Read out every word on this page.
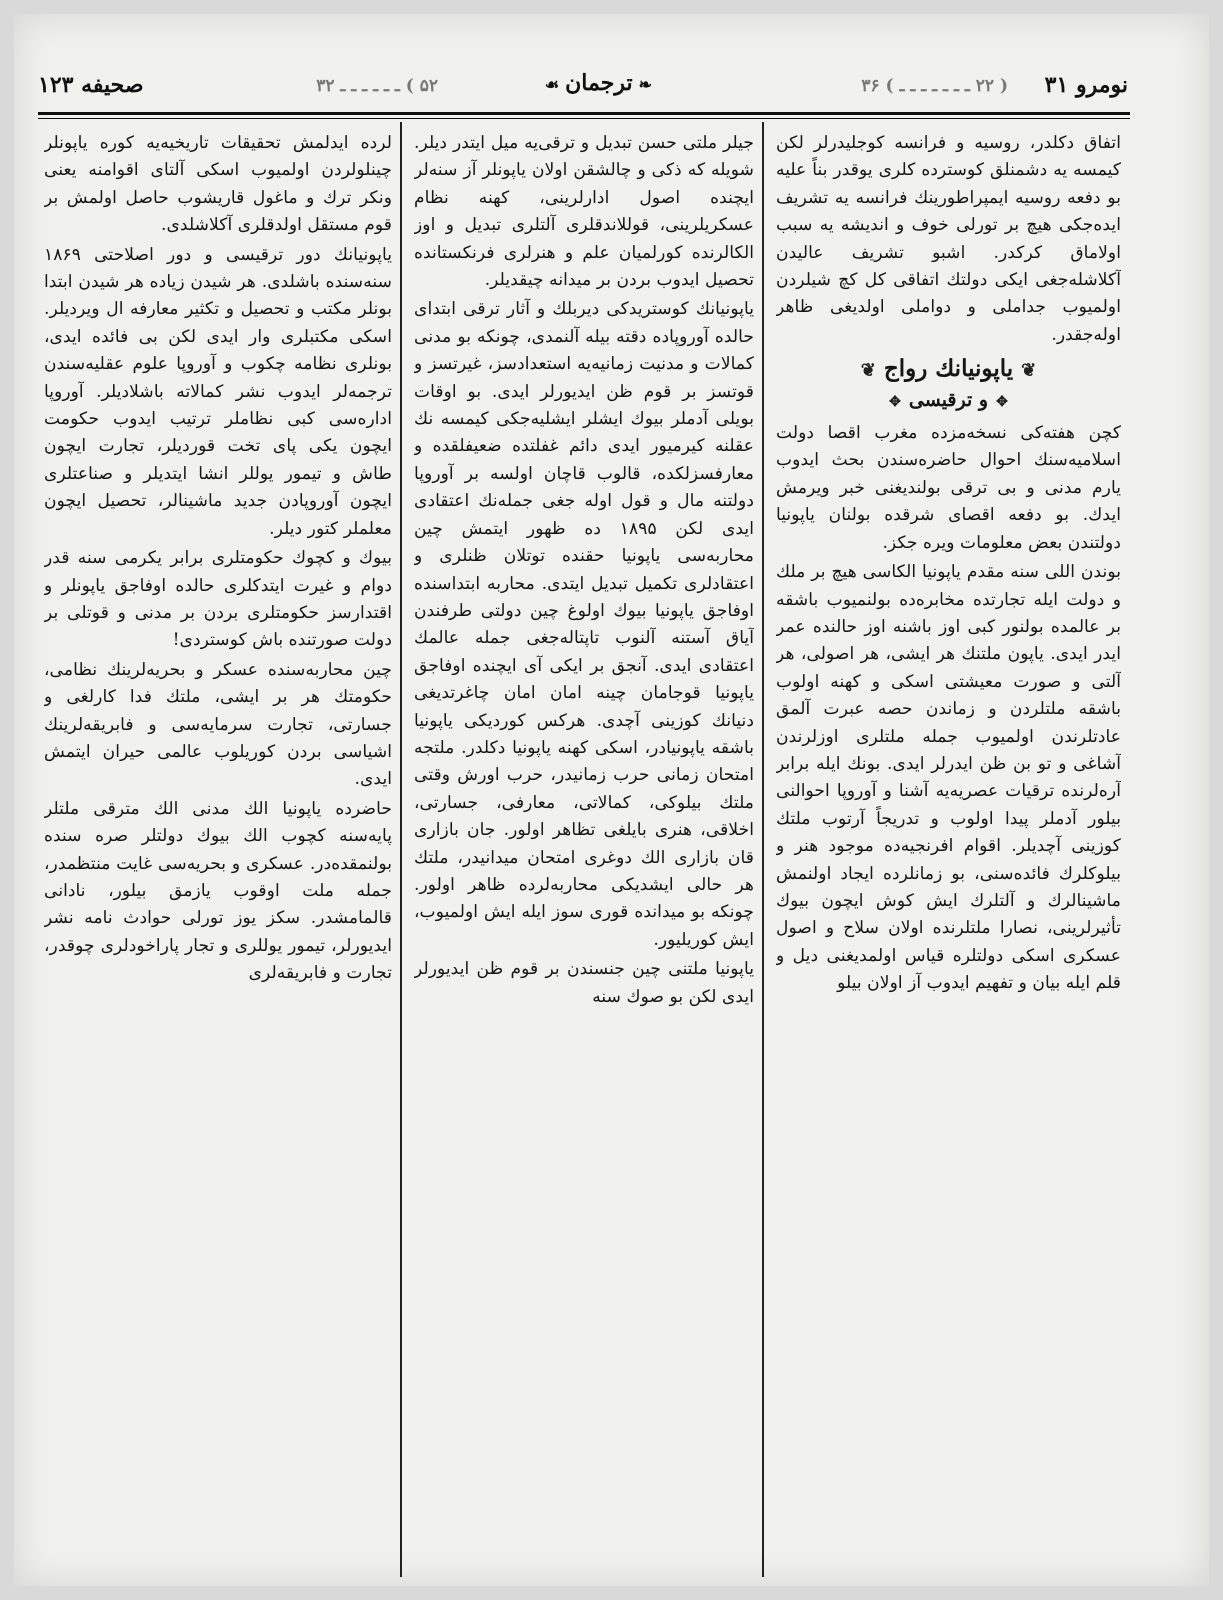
نومرو ۳۱
( ۲۲ ـ ـ ـ ـ ـ ـ ـ ) ۳۶
❧ترجمان☙
۵۲ ) ـ ـ ـ ـ ـ ـ ۳۲
صحيفه ۱۲۳

اتفاق دكلدر، روسيه و فرانسه كوجليدرلر لكن كيمسه يه دشمنلق كوسترده كلرى يوقدر بناً عليه بو دفعه روسيه ايمپراطورينك فرانسه يه تشريف ايده‌جكى هيچ بر تورلى خوف و انديشه يه سبب اولاماق كركدر. اشبو تشريف عاليدن آكلاشله‌جغى ايكى دولتك اتفاقى كل كچ شيلردن اولميوب جداملى و دواملى اولديغى ظاهر اوله‌جقدر.

❦ياپونيانك رواج❦
✥و ترقيسى✥

كچن هفته‌كى نسخه‌مزده مغرب اقصا دولت اسلاميه‌سنك احوال حاضره‌سندن بحث ايدوب يارم مدنى و بى ترقى بولنديغنى خبر ويرمش ايدك. بو دفعه اقصاى شرقده بولنان ياپونيا دولتندن بعض معلومات ويره جكز.

بوندن اللى سنه مقدم ياپونيا الكاسى هيچ بر ملك و دولت ايله تجارتده مخابره‌ده بولنميوب باشقه بر عالمده بولنور كبى اوز باشنه اوز حالنده عمر ايدر ايدى. ياپون ملتنك هر ايشى، هر اصولى، هر آلتى و صورت معيشتى اسكى و كهنه اولوب باشقه ملتلردن و زماندن حصه عبرت آلمق عادتلرندن اولميوب جمله ملتلرى اوزلرندن آشاغى و تو بن ظن ايدرلر ايدى. بونك ايله برابر آره‌لرنده ترقيات عصريه‌يه آشنا و آوروپا احوالنى بيلور آدملر پيدا اولوب و تدريجاً آرتوب ملتك كوزينى آچديلر. اقوام افرنجيه‌ده موجود هنر و بيلوكلرك فائده‌سنى، بو زمانلرده ايجاد اولنمش ماشينالرك و آلتلرك ايش كوش ايچون بيوك تأثيرلرينى، نصارا ملتلرنده اولان سلاح و اصول عسكرى اسكى دولتلره قياس اولمديغنى ديل و قلم ايله بيان و تفهيم ايدوب آز اولان بيلو

جيلر ملتى حسن تبديل و ترقى‌يه ميل ايتدر ديلر. شويله كه ذكى و چالشقن اولان ياپونلر آز سنه‌لر ايچنده اصول ادارلرينى، كهنه نظام عسكريلرينى، قوللاندقلرى آلتلرى تبديل و اوز الكالرنده كورلميان علم و هنرلرى فرنكستانده تحصيل ايدوب بردن بر ميدانه چيقديلر.

ياپونيانك كوستريدكى ديربلك و آثار ترقى ابتداى حالده آوروپاده دقته بيله آلنمدى، چونكه بو مدنى كمالات و مدنيت زمانيه‌يه استعدادسز، غيرتسز و قوتسز بر قوم ظن ايديورلر ايدى. بو اوقات بويلى آدملر بيوك ايشلر ايشليه‌جكى كيمسه نك عقلنه كيرميور ايدى دائم غفلتده ضعيفلقده و معارفسزلكده، قالوب قاچان اولسه بر آوروپا دولتنه مال و قول اوله جغى جمله‌نك اعتقادى ايدى لكن ۱۸۹۵ ده ظهور ايتمش چين محاربه‌سى ياپونيا حقنده توتلان ظنلرى و اعتقادلرى تكميل تبديل ايتدى. محاربه ابتداسنده اوفاجق ياپونيا بيوك اولوغ چين دولتى طرفندن آياق آستنه آلنوب تاپتاله‌جغى جمله عالمك اعتقادى ايدى. آنجق بر ايكى آى ايچنده اوفاجق ياپونيا قوجامان چينه امان امان چاغرتديغى دنيانك كوزينى آچدى. هركس كورديكى ياپونيا باشقه ياپونيادر، اسكى كهنه ياپونيا دكلدر. ملتجه امتحان زمانى حرب زمانيدر، حرب اورش وقتى ملتك بيلوكى، كمالاتى، معارفى، جسارتى، اخلاقى، هنرى بايلغى تظاهر اولور. جان بازارى قان بازارى الك دوغرى امتحان ميدانيدر، ملتك هر حالى ايشديكى محاربه‌لرده ظاهر اولور. چونكه بو ميدانده قورى سوز ايله ايش اولميوب، ايش كوريليور.

ياپونيا ملتنى چين جنسندن بر قوم ظن ايديورلر ايدى لكن بو صوك سنه

لرده ايدلمش تحقيقات تاريخيه‌يه كوره ياپونلر چينلولردن اولميوب اسكى آلتاى اقوامنه يعنى ونكر ترك و ماغول قاريشوب حاصل اولمش بر قوم مستقل اولدقلرى آكلاشلدى.

ياپونيانك دور ترقيسى و دور اصلاحتى ۱۸۶۹ سنه‌سنده باشلدى. هر شيدن زياده هر شيدن ابتدا بونلر مكتب و تحصيل و تكثير معارفه ال ويرديلر. اسكى مكتبلرى وار ايدى لكن بى فائده ايدى، بونلرى نظامه چكوب و آوروپا علوم عقليه‌سندن ترجمه‌لر ايدوب نشر كمالاته باشلاديلر. آوروپا اداره‌سى كبى نظاملر ترتيب ايدوب حكومت ايچون يكى پاى تخت قورديلر، تجارت ايچون طاش و تيمور يوللر انشا ايتديلر و صناعتلرى ايچون آوروپادن جديد ماشينالر، تحصيل ايچون معلملر كتور ديلر.

بيوك و كچوك حكومتلرى برابر يكرمى سنه قدر دوام و غيرت ايتدكلرى حالده اوفاجق ياپونلر و اقتدارسز حكومتلرى بردن بر مدنى و قوتلى بر دولت صورتنده باش كوستردى!

چين محاربه‌سنده عسكر و بحريه‌لرينك نظامى، حكومتك هر بر ايشى، ملتك فدا كارلغى و جسارتى، تجارت سرمايه‌سى و فابريقه‌لرينك اشياسى بردن كوريلوب عالمى حيران ايتمش ايدى.

حاضرده ياپونيا الك مدنى الك مترقى ملتلر پايه‌سنه كچوب الك بيوك دولتلر صره سنده بولنمقده‌در. عسكرى و بحريه‌سى غايت منتظمدر، جمله ملت اوقوب يازمق بيلور، نادانى قالمامشدر. سكز يوز تورلى حوادث نامه نشر ايديورلر، تيمور يوللرى و تجار پاراخودلرى چوقدر، تجارت و فابريقه‌لرى
